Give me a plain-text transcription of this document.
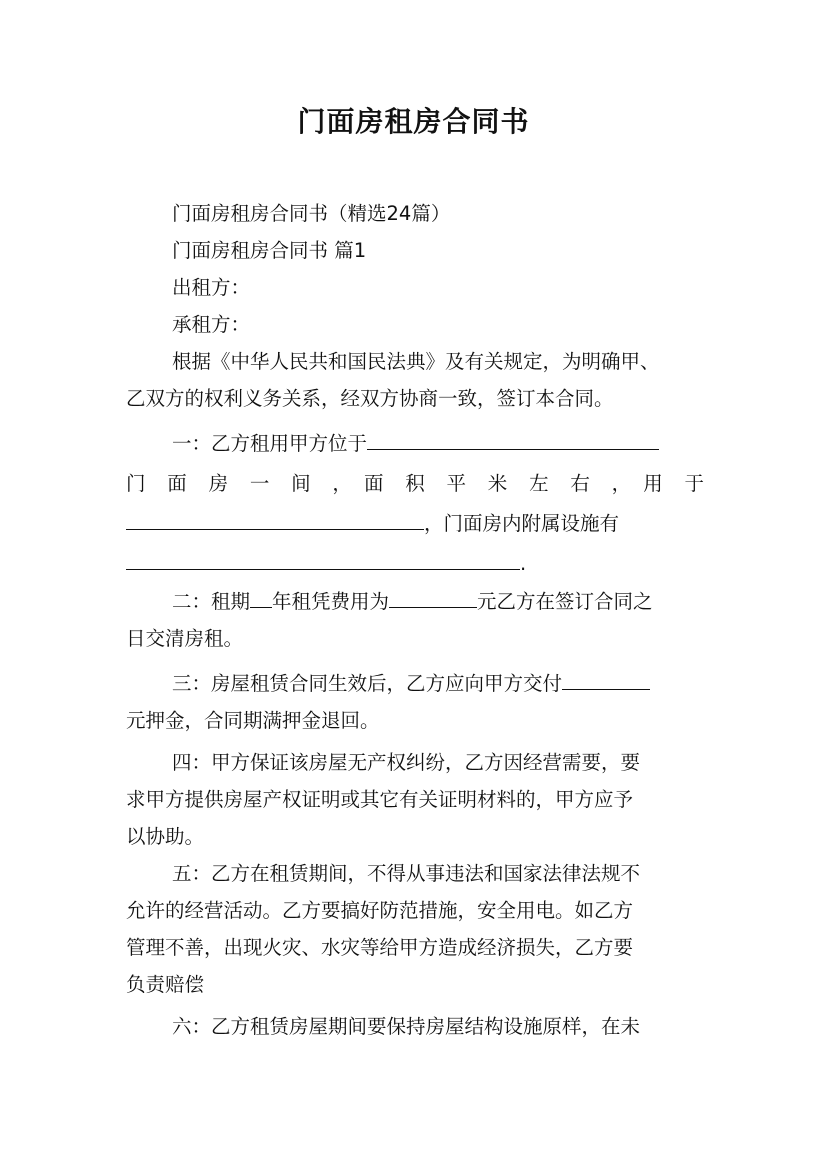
门面房租房合同书
门面房租房合同书（精选24篇）
门面房租房合同书 篇1
出租方：
承租方：
根据《中华人民共和国民法典》及有关规定，为明确甲、
乙双方的权利义务关系，经双方协商一致，签订本合同。
一：乙方租用甲方位于
门　面　房　一　间　，　面　积　平　米　左　右　，　用　于
，门面房内附属设施有
.
二：租期 年租凭费用为	元乙方在签订合同之
日交清房租。
三：房屋租赁合同生效后，乙方应向甲方交付
元押金，合同期满押金退回。
四：甲方保证该房屋无产权纠纷，乙方因经营需要，要
求甲方提供房屋产权证明或其它有关证明材料的，甲方应予
以协助。
五：乙方在租赁期间，不得从事违法和国家法律法规不
允许的经营活动。乙方要搞好防范措施，安全用电。如乙方
管理不善，出现火灾、水灾等给甲方造成经济损失，乙方要
负责赔偿
六：乙方租赁房屋期间要保持房屋结构设施原样，在未
